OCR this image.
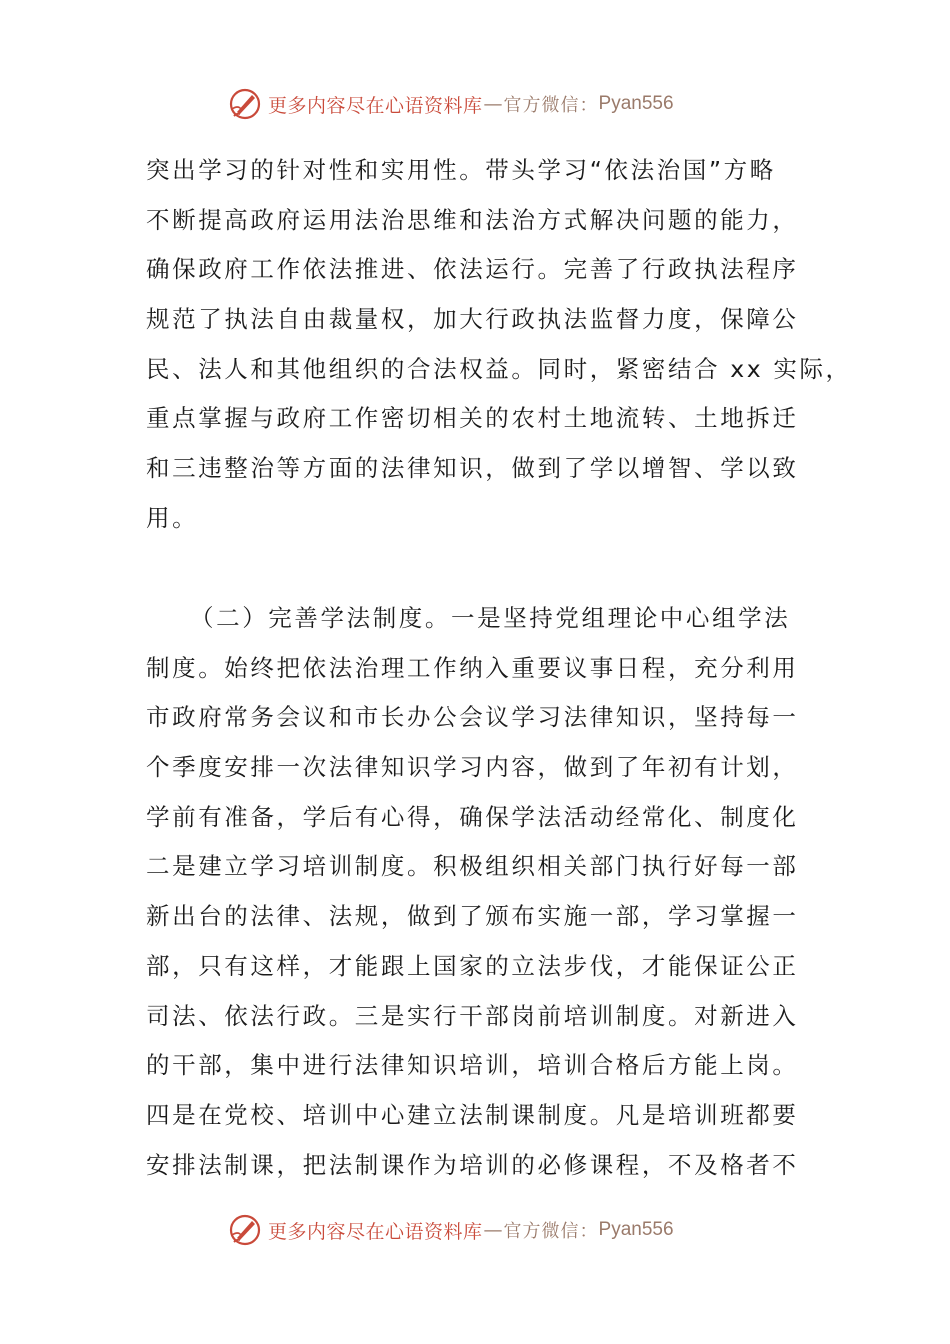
更多内容尽在心语资料库 — 官方微信： Pyan556
突出学习的针对性和实用性。带头学习“依法治国”方略
不断提高政府运用法治思维和法治方式解决问题的能力，
确保政府工作依法推进、依法运行。完善了行政执法程序
规范了执法自由裁量权，加大行政执法监督力度，保障公
民、法人和其他组织的合法权益。同时，紧密结合 xx 实际，
重点掌握与政府工作密切相关的农村土地流转、土地拆迁
和三违整治等方面的法律知识，做到了学以增智、学以致
用。
（二）完善学法制度。一是坚持党组理论中心组学法
制度。始终把依法治理工作纳入重要议事日程，充分利用
市政府常务会议和市长办公会议学习法律知识，坚持每一
个季度安排一次法律知识学习内容，做到了年初有计划，
学前有准备，学后有心得，确保学法活动经常化、制度化
二是建立学习培训制度。积极组织相关部门执行好每一部
新出台的法律、法规，做到了颁布实施一部，学习掌握一
部，只有这样，才能跟上国家的立法步伐，才能保证公正
司法、依法行政。三是实行干部岗前培训制度。对新进入
的干部，集中进行法律知识培训，培训合格后方能上岗。
四是在党校、培训中心建立法制课制度。凡是培训班都要
安排法制课，把法制课作为培训的必修课程，不及格者不
更多内容尽在心语资料库 — 官方微信： Pyan556
